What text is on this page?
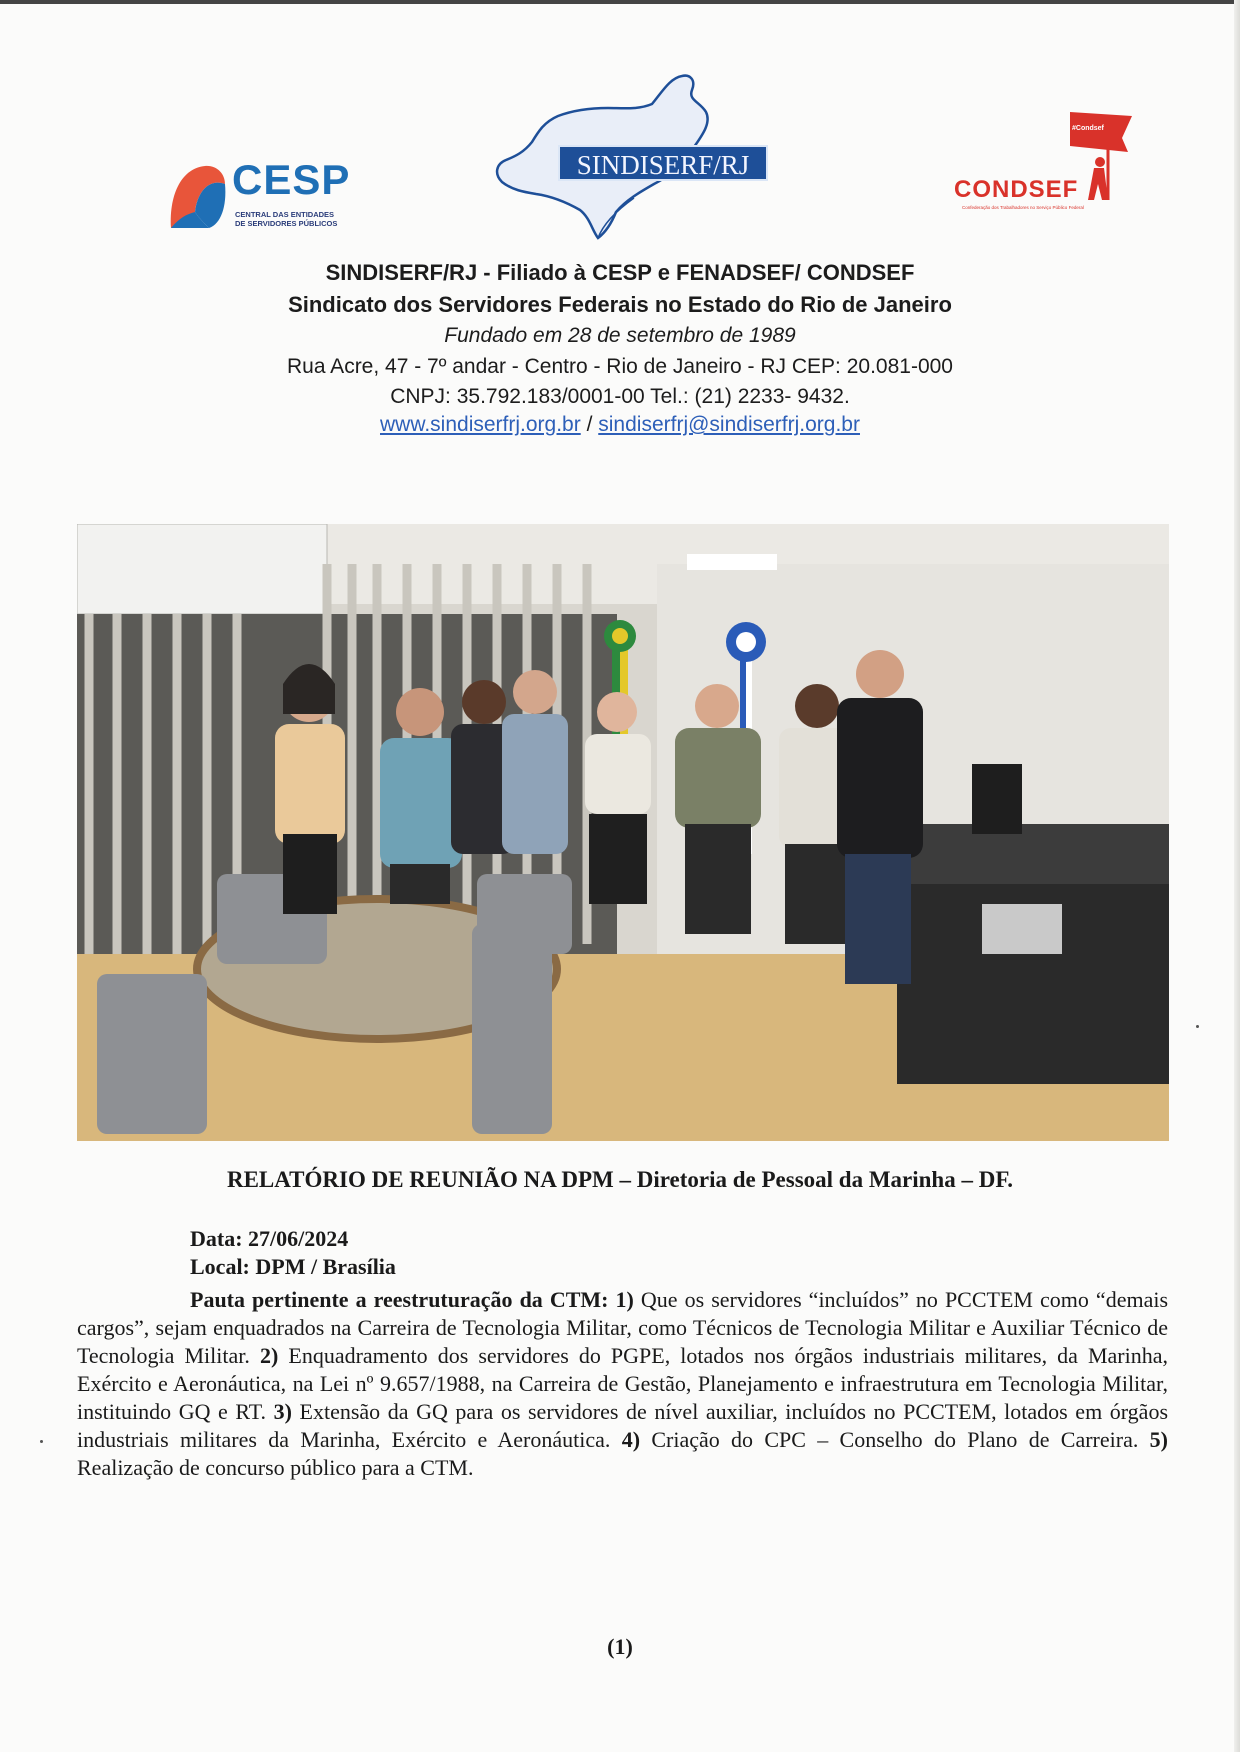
CESP
CENTRAL DAS ENTIDADES
DE SERVIDORES PÚBLICOS
SINDISERF/RJ
#Condsef
CONDSEF
Confederação dos Trabalhadores no Serviço Público Federal
SINDISERF/RJ - Filiado à CESP e FENADSEF/ CONDSEF
Sindicato dos Servidores Federais no Estado do Rio de Janeiro
Fundado em 28 de setembro de 1989
Rua Acre, 47 - 7º andar - Centro - Rio de Janeiro - RJ CEP: 20.081-000
CNPJ: 35.792.183/0001-00 Tel.: (21) 2233- 9432.
www.sindiserfrj.org.br / sindiserfrj@sindiserfrj.org.br
RELATÓRIO DE REUNIÃO NA DPM – Diretoria de Pessoal da Marinha – DF.
Data: 27/06/2024
Local: DPM / Brasília
Pauta pertinente a reestruturação da CTM: 1) Que os servidores “incluídos” no PCCTEM como “demais cargos”, sejam enquadrados na Carreira de Tecnologia Militar, como Técnicos de Tecnologia Militar e Auxiliar Técnico de Tecnologia Militar. 2) Enquadramento dos servidores do PGPE, lotados nos órgãos industriais militares, da Marinha, Exército e Aeronáutica, na Lei nº 9.657/1988, na Carreira de Gestão, Planejamento e infraestrutura em Tecnologia Militar, instituindo GQ e RT. 3) Extensão da GQ para os servidores de nível auxiliar, incluídos no PCCTEM, lotados em órgãos industriais militares da Marinha, Exército e Aeronáutica. 4) Criação do CPC – Conselho do Plano de Carreira. 5) Realização de concurso público para a CTM.
(1)
